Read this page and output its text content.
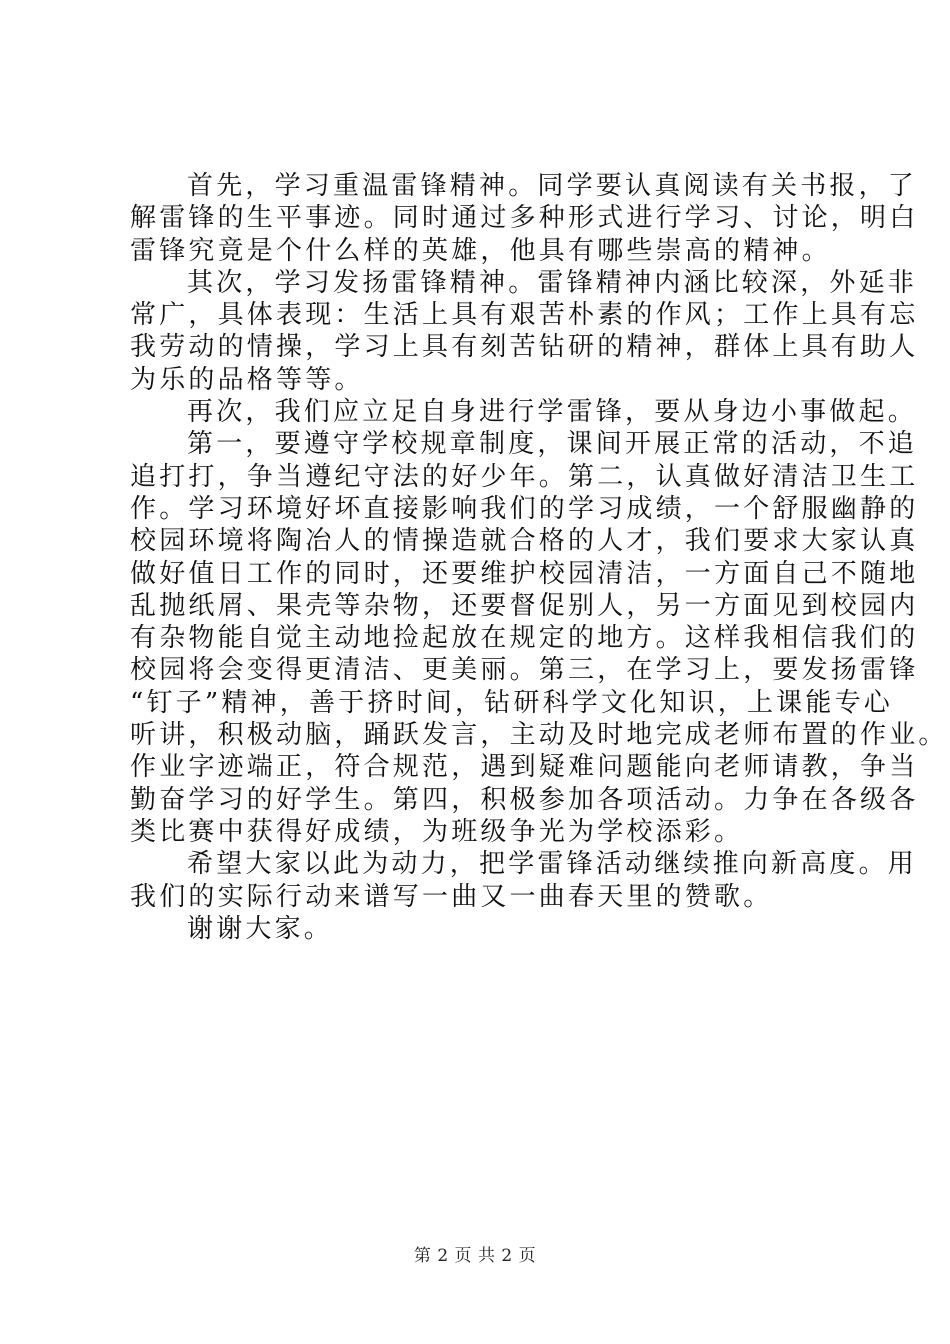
首先，学习重温雷锋精神。同学要认真阅读有关书报，了
解雷锋的生平事迹。同时通过多种形式进行学习、讨论，明白
雷锋究竟是个什么样的英雄，他具有哪些崇高的精神。
其次，学习发扬雷锋精神。雷锋精神内涵比较深，外延非
常广，具体表现：生活上具有艰苦朴素的作风；工作上具有忘
我劳动的情操，学习上具有刻苦钻研的精神，群体上具有助人
为乐的品格等等。
再次，我们应立足自身进行学雷锋，要从身边小事做起。
第一，要遵守学校规章制度，课间开展正常的活动，不追
追打打，争当遵纪守法的好少年。第二，认真做好清洁卫生工
作。学习环境好坏直接影响我们的学习成绩，一个舒服幽静的
校园环境将陶冶人的情操造就合格的人才，我们要求大家认真
做好值日工作的同时，还要维护校园清洁，一方面自己不随地
乱抛纸屑、果壳等杂物，还要督促别人，另一方面见到校园内
有杂物能自觉主动地捡起放在规定的地方。这样我相信我们的
校园将会变得更清洁、更美丽。第三，在学习上，要发扬雷锋
“钉子”精神，善于挤时间，钻研科学文化知识，上课能专心
听讲，积极动脑，踊跃发言，主动及时地完成老师布置的作业。
作业字迹端正，符合规范，遇到疑难问题能向老师请教，争当
勤奋学习的好学生。第四，积极参加各项活动。力争在各级各
类比赛中获得好成绩，为班级争光为学校添彩。
希望大家以此为动力，把学雷锋活动继续推向新高度。用
我们的实际行动来谱写一曲又一曲春天里的赞歌。
谢谢大家。
第 2 页 共 2 页
